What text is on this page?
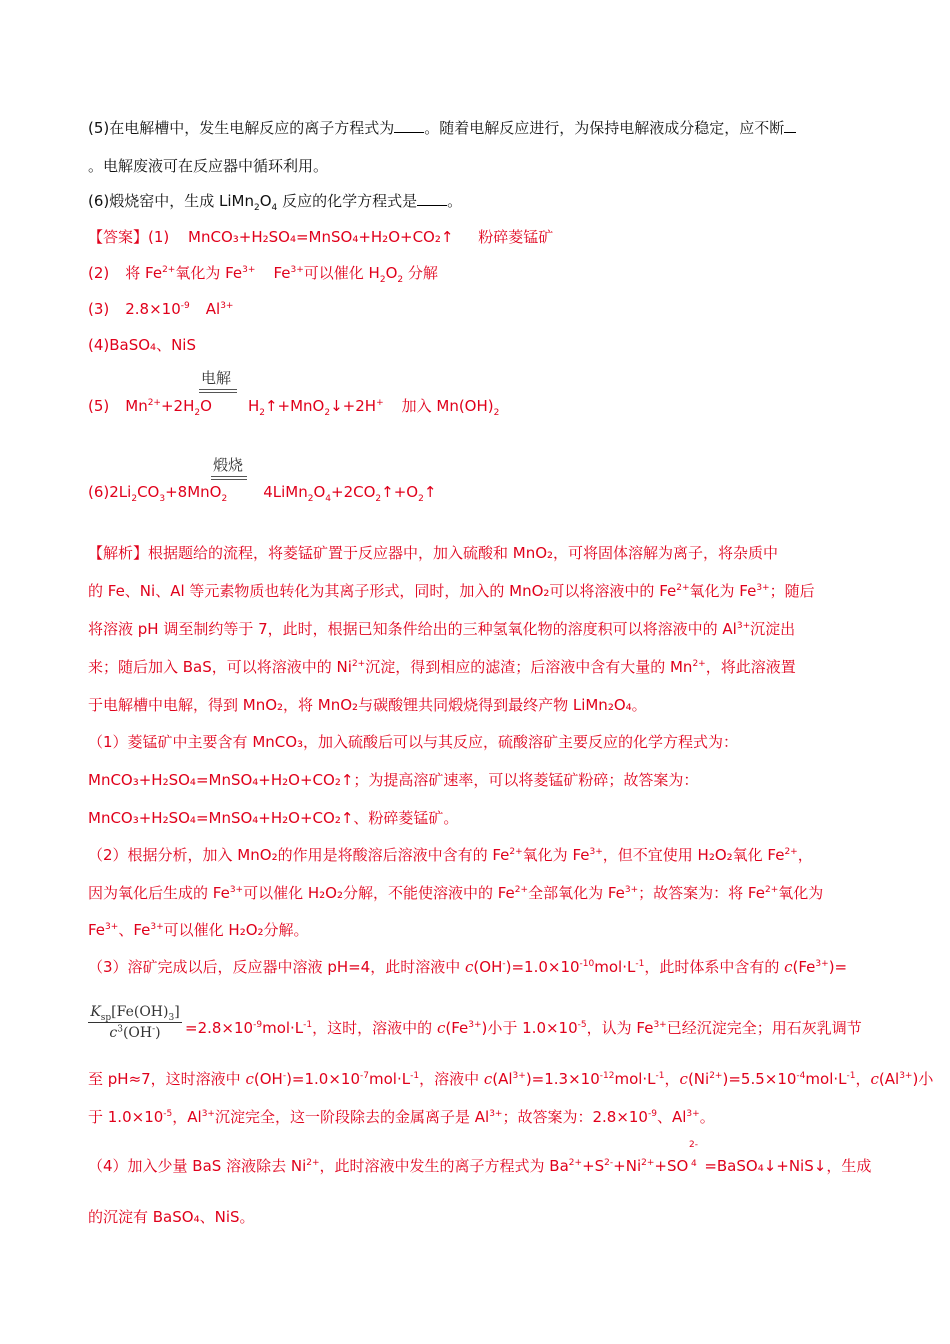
(5)在电解槽中，发生电解反应的离子方程式为 。随着电解反应进行，为保持电解液成分稳定，应不断
。电解废液可在反应器中循环利用。
(6)煅烧窑中，生成 $LiMn_2O_4$ 反应的化学方程式是 。
【答案】(1) MnCO₃+H₂SO₄=MnSO₄+H₂O+CO₂↑ 粉碎菱锰矿
(2) 将 $Fe^{2+}$氧化为 $Fe^{3+}$ $Fe^{3+}$可以催化 $H_2O_2$ 分解
(3) $2.8\times 10^{-9}$ $Al^{3+}$
(4)BaSO₄、NiS
电解
(5) $Mn^{2+}+2H_2O$ $H_2↑+MnO_2↓+2H^+$ 加入 $Mn(OH)_2$
煅烧
$(6)2Li_2CO_3+8MnO_2$ $4LiMn_2O_4+2CO_2↑+O_2↑$
【解析】根据题给的流程，将菱锰矿置于反应器中，加入硫酸和 MnO₂，可将固体溶解为离子，将杂质中
的 Fe、Ni、Al 等元素物质也转化为其离子形式，同时，加入的 MnO₂可以将溶液中的 $Fe^{2+}$氧化为 $Fe^{3+}$；随后
将溶液 pH 调至制约等于 7，此时，根据已知条件给出的三种氢氧化物的溶度积可以将溶液中的 $Al^{3+}$沉淀出
来；随后加入 BaS，可以将溶液中的 $Ni^{2+}$沉淀，得到相应的滤渣；后溶液中含有大量的 $Mn^{2+}$，将此溶液置
于电解槽中电解，得到 MnO₂，将 MnO₂与碳酸锂共同煅烧得到最终产物 LiMn₂O₄。
（1）菱锰矿中主要含有 MnCO₃，加入硫酸后可以与其反应，硫酸溶矿主要反应的化学方程式为：
MnCO₃+H₂SO₄=MnSO₄+H₂O+CO₂↑；为提高溶矿速率，可以将菱锰矿粉碎；故答案为：
MnCO₃+H₂SO₄=MnSO₄+H₂O+CO₂↑、粉碎菱锰矿。
（2）根据分析，加入 MnO₂的作用是将酸溶后溶液中含有的 $Fe^{2+}$氧化为 $Fe^{3+}$，但不宜使用 H₂O₂氧化 $Fe^{2+}$，
因为氧化后生成的 $Fe^{3+}$可以催化 H₂O₂分解，不能使溶液中的 $Fe^{2+}$全部氧化为 $Fe^{3+}$；故答案为：将 $Fe^{2+}$氧化为
$Fe^{3+}$、$Fe^{3+}$可以催化 H₂O₂分解。
（3）溶矿完成以后，反应器中溶液 pH=4，此时溶液中 $c(OH^-)=1.0\times 10^{-10}mol\cdot L^{-1}$，此时体系中含有的 $c(Fe^{3+})=$
$K_{sp}[Fe(OH)_3]$
$c^3(OH^-)$	$=2.8\times 10^{-9}mol\cdot L^{-1}$，这时，溶液中的 $c(Fe^{3+})$小于 $1.0\times 10^{-5}$，认为 $Fe^{3+}$已经沉淀完全；用石灰乳调节
至 pH≈7，这时溶液中 $c(OH^-)=1.0\times 10^{-7}mol\cdot L^{-1}$，溶液中 $c(Al^{3+})=1.3\times 10^{-12}mol\cdot L^{-1}$，$c(Ni^{2+})=5.5\times 10^{-4}mol\cdot L^{-1}$，$c(Al^{3+})$小
于 $1.0\times 10^{-5}$，$Al^{3+}$沉淀完全，这一阶段除去的金属离子是 $Al^{3+}$；故答案为：$2.8\times 10^{-9}$、$Al^{3+}$。
2-
4
（4）加入少量 BaS 溶液除去 $Ni^{2+}$，此时溶液中发生的离子方程式为 $Ba^{2+}+S^{2-}+Ni^{2+}+SO$ =BaSO₄↓+NiS↓，生成
的沉淀有 BaSO₄、NiS。
